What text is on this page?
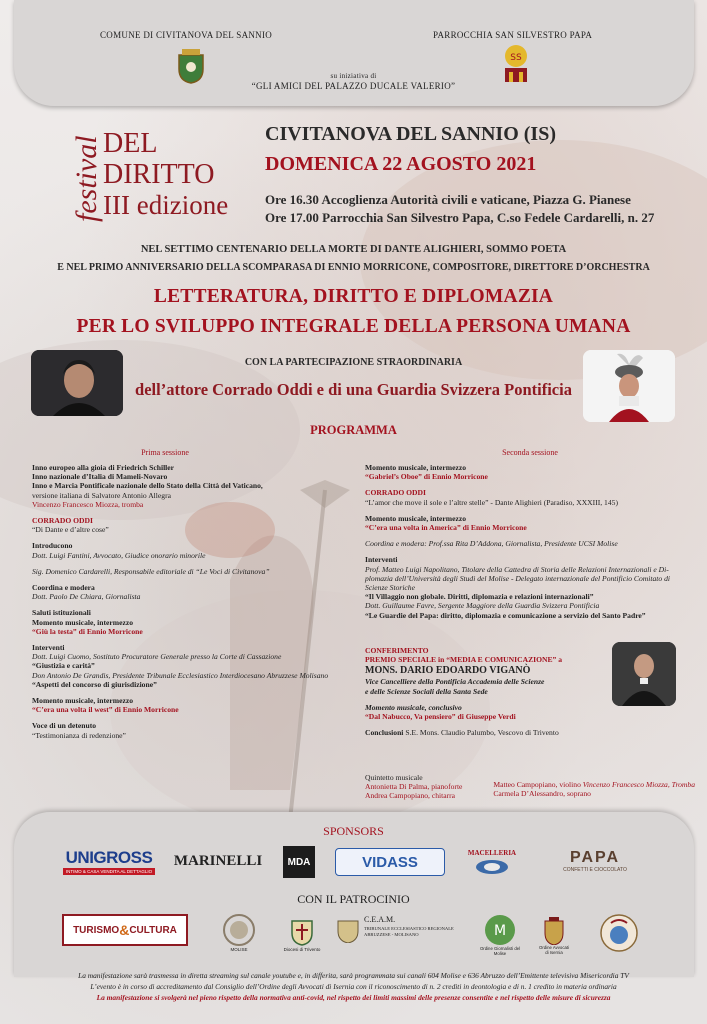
COMUNE DI CIVITANOVA DEL SANNIO	PARROCCHIA SAN SILVESTRO PAPA
SS
su iniziativa di
“GLI AMICI DEL PALAZZO DUCALE VALERIO”
festival DEL
DIRITTO
III edizione
CIVITANOVA DEL SANNIO (IS)
DOMENICA 22 AGOSTO 2021
Ore 16.30 Accoglienza Autorità civili e vaticane, Piazza G. Pianese
Ore 17.00 Parrocchia San Silvestro Papa, C.so Fedele Cardarelli, n. 27
NEL SETTIMO CENTENARIO DELLA MORTE DI DANTE ALIGHIERI, SOMMO POETA
E NEL PRIMO ANNIVERSARIO DELLA SCOMPARASA DI ENNIO MORRICONE, COMPOSITORE, DIRETTORE D’ORCHESTRA
LETTERATURA, DIRITTO E DIPLOMAZIA
PER LO SVILUPPO INTEGRALE DELLA PERSONA UMANA
CON LA PARTECIPAZIONE STRAORDINARIA
dell’attore Corrado Oddi e di una Guardia Svizzera Pontificia
PROGRAMMA
Prima sessione	Seconda sessione
Inno europeo alla gioia di Friedrich Schiller
Inno nazionale d’Italia di Mameli-Novaro
Inno e Marcia Pontificale nazionale dello Stato della Città del Vaticano,
versione italiana di Salvatore Antonio Allegra
Vincenzo Francesco Miozza, tromba
CORRADO ODDI
“Di Dante e d’altre cose”
Introducono
Dott. Luigi Fantini, Avvocato, Giudice onorario minorile
Sig. Domenico Cardarelli, Responsabile editoriale di “Le Voci di Civitanova”
Coordina e modera
Dott. Paolo De Chiara, Giornalista
Saluti istituzionali
Momento musicale, intermezzo
“Giù la testa” di Ennio Morricone
Interventi
Dott. Luigi Cuomo, Sostituto Procuratore Generale presso la Corte di Cassazione
“Giustizia e carità”
Don Antonio De Grandis, Presidente Tribunale Ecclesiastico Interdiocesano Abruzzese Molisano
“Aspetti del concorso di giurisdizione”
Momento musicale, intermezzo
“C’era una volta il west” di Ennio Morricone
Voce di un detenuto
“Testimonianza di redenzione”
Momento musicale, intermezzo
“Gabriel’s Oboe” di Ennio Morricone
CORRADO ODDI
“L’amor che move il sole e l’altre stelle” - Dante Alighieri (Paradiso, XXXIII, 145)
Momento musicale, intermezzo
“C’era una volta in America” di Ennio Morricone
Coordina e modera: Prof.ssa Rita D’Addona, Giornalista, Presidente UCSI Molise
Interventi
Prof. Matteo Luigi Napolitano, Titolare della Cattedra di Storia delle Relazioni Internazionali e Di-
plomazia dell’Università degli Studi del Molise - Delegato internazionale del Pontificio Comitato di
Scienze Storiche
“Il Villaggio non globale. Diritti, diplomazia e relazioni internazionali”
Dott. Guillaume Favre, Sergente Maggiore della Guardia Svizzera Pontificia
“Le Guardie del Papa: diritto, diplomazia e comunicazione a servizio del Santo Padre”
CONFERIMENTO
PREMIO SPECIALE in “MEDIA E COMUNICAZIONE” a
MONS. DARIO EDOARDO VIGANÒ
Vice Cancelliere della Pontificia Accademia delle Scienze
e delle Scienze Sociali della Santa Sede
Momento musicale, conclusivo
“Dal Nabucco, Va pensiero” di Giuseppe Verdi
Conclusioni S.E. Mons. Claudio Palumbo, Vescovo di Trivento
Quintetto musicale
Antonietta Di Palma, pianoforte
Andrea Campopiano, chitarra
Matteo Campopiano, violino Vincenzo Francesco Miozza, Tromba
Carmela D’Alessandro, soprano
SPONSORS
UNIGROSS
INTIMO & CASA VENDITA AL DETTAGLIO
MARINELLI	MDA	VIDASS
MACELLERIA	PAPA
CONFETTI E CIOCCOLATO
CON IL PATROCINIO
TURISMO & CULTURA
MOLISE	Diocesi di Trivento
C.E.A.M.
TRIBUNALE ECCLESIASTICO REGIONALE ABRUZZESE - MOLISANO	M
Ordine Giornalisti del Molise
Ordine Avvocati di Isernia
La manifestazione sarà trasmessa in diretta streaming sul canale youtube e, in differita, sarà programmata sui canali 604 Molise e 636 Abruzzo dell’Emittente televisiva Misericordia TV
L’evento è in corso di accreditamento dal Consiglio dell’Ordine degli Avvocati di Isernia con il riconoscimento di n. 2 crediti in deontologia e di n. 1 credito in materia ordinaria
La manifestazione si svolgerà nel pieno rispetto della normativa anti-covid, nel rispetto dei limiti massimi delle presenze consentite e nel rispetto delle misure di sicurezza
